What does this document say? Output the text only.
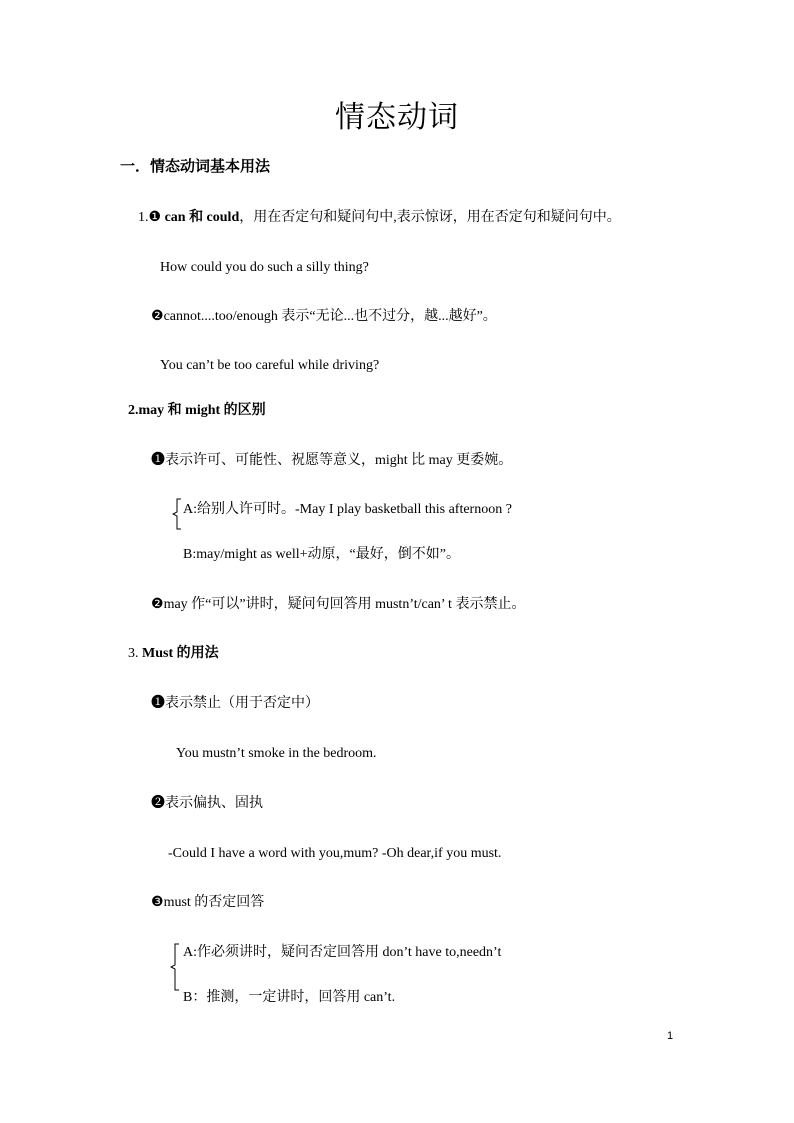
情态动词
一．情态动词基本用法
1.❶ can 和 could，用在否定句和疑问句中,表示惊讶，用在否定句和疑问句中。
How could you do such a silly thing?
❷cannot....too/enough 表示“无论...也不过分，越...越好”。
You can’t be too careful while driving?
2.may 和 might 的区别
❶表示许可、可能性、祝愿等意义，might 比 may 更委婉。
A:给别人许可时。-May I play basketball this afternoon ?
B:may/might as well+动原，“最好，倒不如”。
❷may 作“可以”讲时，疑问句回答用 mustn’t/can’ t 表示禁止。
3. Must 的用法
❶表示禁止（用于否定中）
You mustn’t smoke in the bedroom.
❷表示偏执、固执
-Could I have a word with you,mum? -Oh dear,if you must.
❸must 的否定回答
A:作必须讲时，疑问否定回答用 don’t have to,needn’t
B：推测，一定讲时，回答用 can’t.
1
